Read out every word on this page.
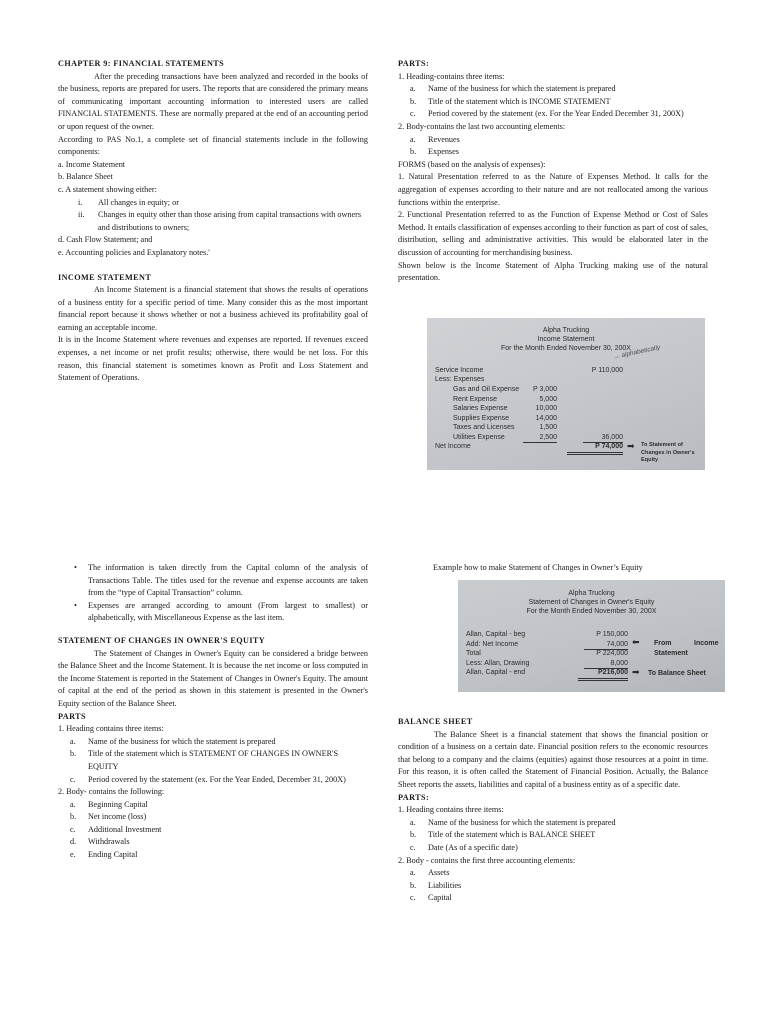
CHAPTER 9: FINANCIAL STATEMENTS

After the preceding transactions have been analyzed and recorded in the books of the business, reports are prepared for users. The reports that are considered the primary means of communicating important accounting information to interested users are called FINANCIAL STATEMENTS. These are normally prepared at the end of an accounting period or upon request of the owner.

According to PAS No.1, a complete set of financial statements include in the following components:

a. Income Statement

b. Balance Sheet

c. A statement showing either:

i. All changes in equity; or

ii. Changes in equity other than those arising from capital transactions with owners and distributions to owners;

d. Cash Flow Statement; and

e. Accounting policies and Explanatory notes.'

INCOME STATEMENT

An Income Statement is a financial statement that shows the results of operations of a business entity for a specific period of time. Many consider this as the most important financial report because it shows whether or not a business achieved its profitability goal of earning an acceptable income.

It is in the Income Statement where revenues and expenses are reported. If revenues exceed expenses, a net income or net profit results; otherwise, there would be net loss. For this reason, this financial statement is sometimes known as Profit and Loss Statement and Statement of Operations.

PARTS:

1. Heading-contains three items:

a. Name of the business for which the statement is prepared

b. Title of the statement which is INCOME STATEMENT

c. Period covered by the statement (ex. For the Year Ended December 31, 200X)

2. Body-contains the last two accounting elements:

a. Revenues

b. Expenses

FORMS (based on the analysis of expenses):

1. Natural Presentation referred to as the Nature of Expenses Method. It calls for the aggregation of expenses according to their nature and are not reallocated among the various functions within the enterprise.

2. Functional Presentation referred to as the Function of Expense Method or Cost of Sales Method. It entails classification of expenses according to their function as part of cost of sales, distribution, selling and administrative activities. This would be elaborated later in the discussion of accounting for merchandising business.

Shown below is the Income Statement of Alpha Trucking making use of the natural presentation.

Alpha Trucking
Income Statement
For the Month Ended November 30, 200X
→ alphabetically
Service Income	P 110,000
Less: Expenses
Gas and Oil Expense	P 3,000
Rent Expense	5,000
Salaries Expense	10,000
Supplies Expense	14,000
Taxes and Licenses	1,500
Utilities Expense	2,500	36,000
Net Income	P 74,000 ➡ To Statement of Changes in Owner's Equity

• The information is taken directly from the Capital column of the analysis of Transactions Table. The titles used for the revenue and expense accounts are taken from the “type of Capital Transaction” column.

• Expenses are arranged according to amount (From largest to smallest) or alphabetically, with Miscellaneous Expense as the last item.

STATEMENT OF CHANGES IN OWNER'S EQUITY

The Statement of Changes in Owner's Equity can be considered a bridge between the Balance Sheet and the Income Statement. It is because the net income or loss computed in the Income Statement is reported in the Statement of Changes in Owner's Equity. The amount of capital at the end of the period as shown in this statement is presented in the Owner's Equity section of the Balance Sheet.

PARTS

1. Heading contains three items:

a. Name of the business for which the statement is prepared

b. Title of the statement which is STATEMENT OF CHANGES IN OWNER'S EQUITY

c. Period covered by the statement (ex. For the Year Ended, December 31, 200X)

2. Body- contains the following:

a. Beginning Capital

b. Net income (loss)

c. Additional Investment

d. Withdrawals

e. Ending Capital

Example how to make Statement of Changes in Owner’s Equity

Alpha Trucking
Statement of Changes in Owner's Equity
For the Month Ended November 30, 200X
Allan, Capital - beg	P 150,000
Add: Net Income	74,000
Total	P 224,000
Less: Allan, Drawing	8,000
Allan, Capital - end	P216,000
⬅ From	Income
Statement
➡ To Balance Sheet

BALANCE SHEET

The Balance Sheet is a financial statement that shows the financial position or condition of a business on a certain date. Financial position refers to the economic resources that belong to a company and the claims (equities) against those resources at a point in time. For this reason, it is often called the Statement of Financial Position. Actually, the Balance Sheet reports the assets, liabilities and capital of a business entity as of a specific date.

PARTS:

1. Heading contains three items:

a. Name of the business for which the statement is prepared

b. Title of the statement which is BALANCE SHEET

c. Date (As of a specific date)

2. Body - contains the first three accounting elements:

a. Assets

b. Liabilities

c. Capital
